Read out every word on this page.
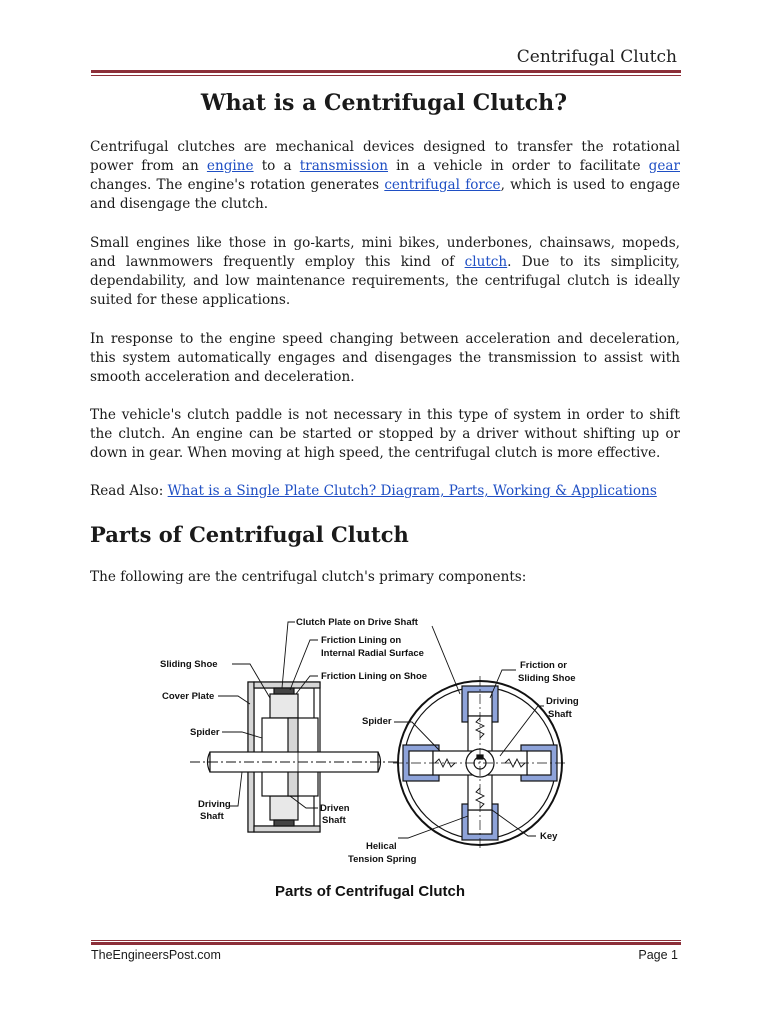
Centrifugal Clutch
What is a Centrifugal Clutch?

Centrifugal clutches are mechanical devices designed to transfer the rotational power from an engine to a transmission in a vehicle in order to facilitate gear changes. The engine's rotation generates centrifugal force, which is used to engage and disengage the clutch.

Small engines like those in go-karts, mini bikes, underbones, chainsaws, mopeds, and lawnmowers frequently employ this kind of clutch. Due to its simplicity, dependability, and low maintenance requirements, the centrifugal clutch is ideally suited for these applications.

In response to the engine speed changing between acceleration and deceleration, this system automatically engages and disengages the transmission to assist with smooth acceleration and deceleration.

The vehicle's clutch paddle is not necessary in this type of system in order to shift the clutch. An engine can be started or stopped by a driver without shifting up or down in gear. When moving at high speed, the centrifugal clutch is more effective.

Read Also: What is a Single Plate Clutch? Diagram, Parts, Working & Applications

Parts of Centrifugal Clutch

The following are the centrifugal clutch's primary components:

Clutch Plate on Drive Shaft
Friction Lining on
Internal Radial Surface
Friction Lining on Shoe
Sliding Shoe
Cover Plate
Spider
Driving
Shaft
Driven
Shaft
Friction or
Sliding Shoe
Driving
Shaft
Spider
Key
Helical
Tension Spring
Parts of Centrifugal Clutch
TheEngineersPost.com	Page 1
